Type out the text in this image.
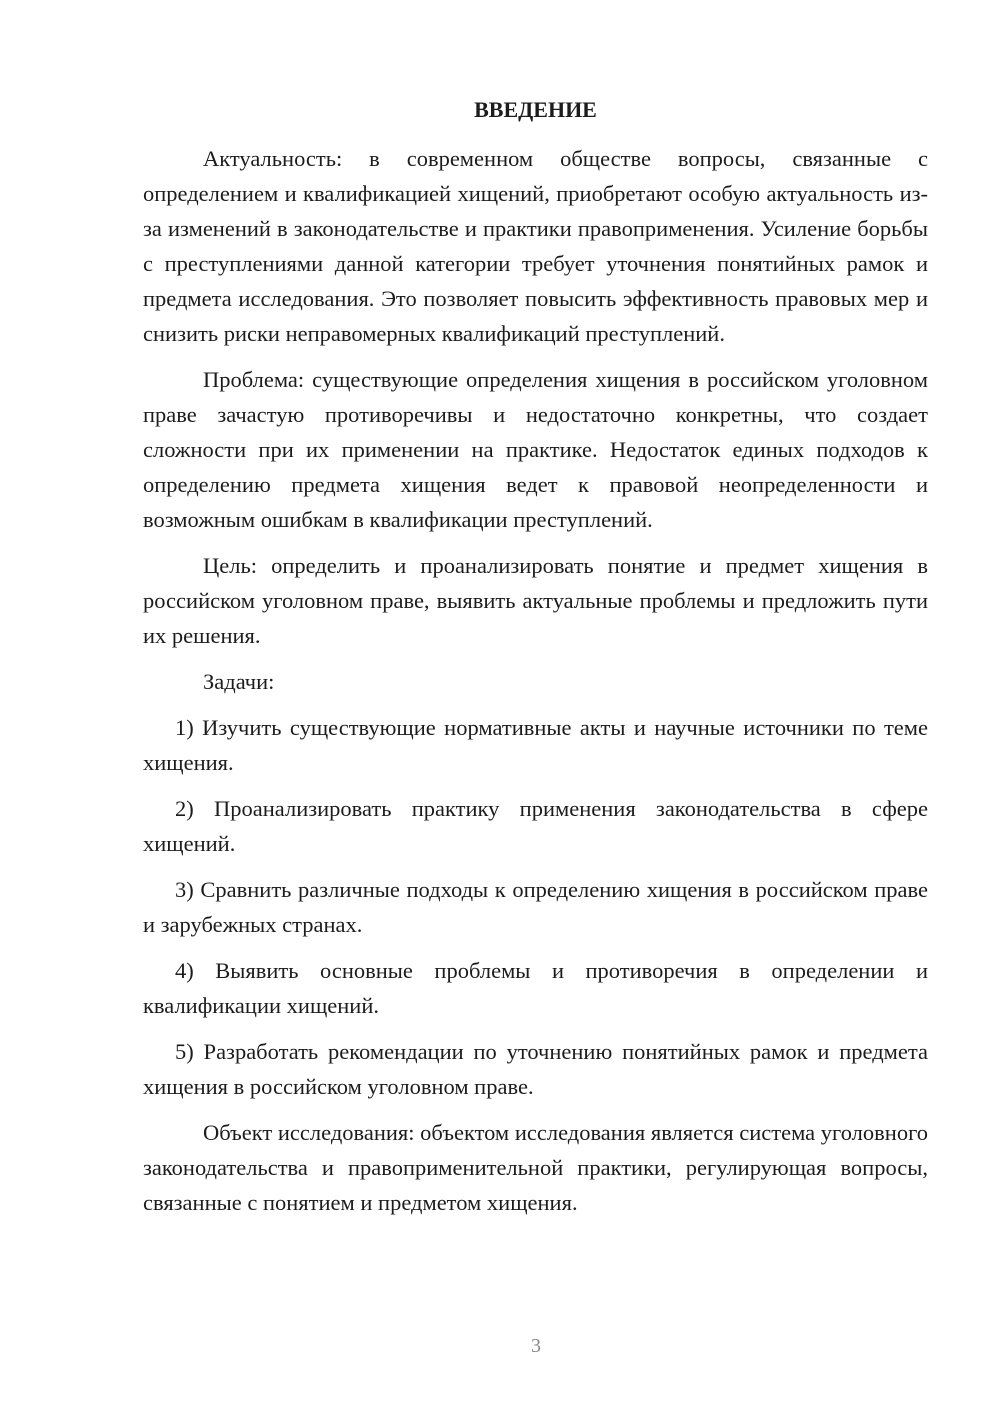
ВВЕДЕНИЕ

Актуальность: в современном обществе вопросы, связанные с определением и квалификацией хищений, приобретают особую актуальность из-за изменений в законодательстве и практики правоприменения. Усиление борьбы с преступлениями данной категории требует уточнения понятийных рамок и предмета исследования. Это позволяет повысить эффективность правовых мер и снизить риски неправомерных квалификаций преступлений.

Проблема: существующие определения хищения в российском уголовном праве зачастую противоречивы и недостаточно конкретны, что создает сложности при их применении на практике. Недостаток единых подходов к определению предмета хищения ведет к правовой неопределенности и возможным ошибкам в квалификации преступлений.

Цель: определить и проанализировать понятие и предмет хищения в российском уголовном праве, выявить актуальные проблемы и предложить пути их решения.

Задачи:

1) Изучить существующие нормативные акты и научные источники по теме хищения.

2) Проанализировать практику применения законодательства в сфере хищений.

3) Сравнить различные подходы к определению хищения в российском праве и зарубежных странах.

4) Выявить основные проблемы и противоречия в определении и квалификации хищений.

5) Разработать рекомендации по уточнению понятийных рамок и предмета хищения в российском уголовном праве.

Объект исследования: объектом исследования является система уголовного законодательства и правоприменительной практики, регулирующая вопросы, связанные с понятием и предметом хищения.

3
